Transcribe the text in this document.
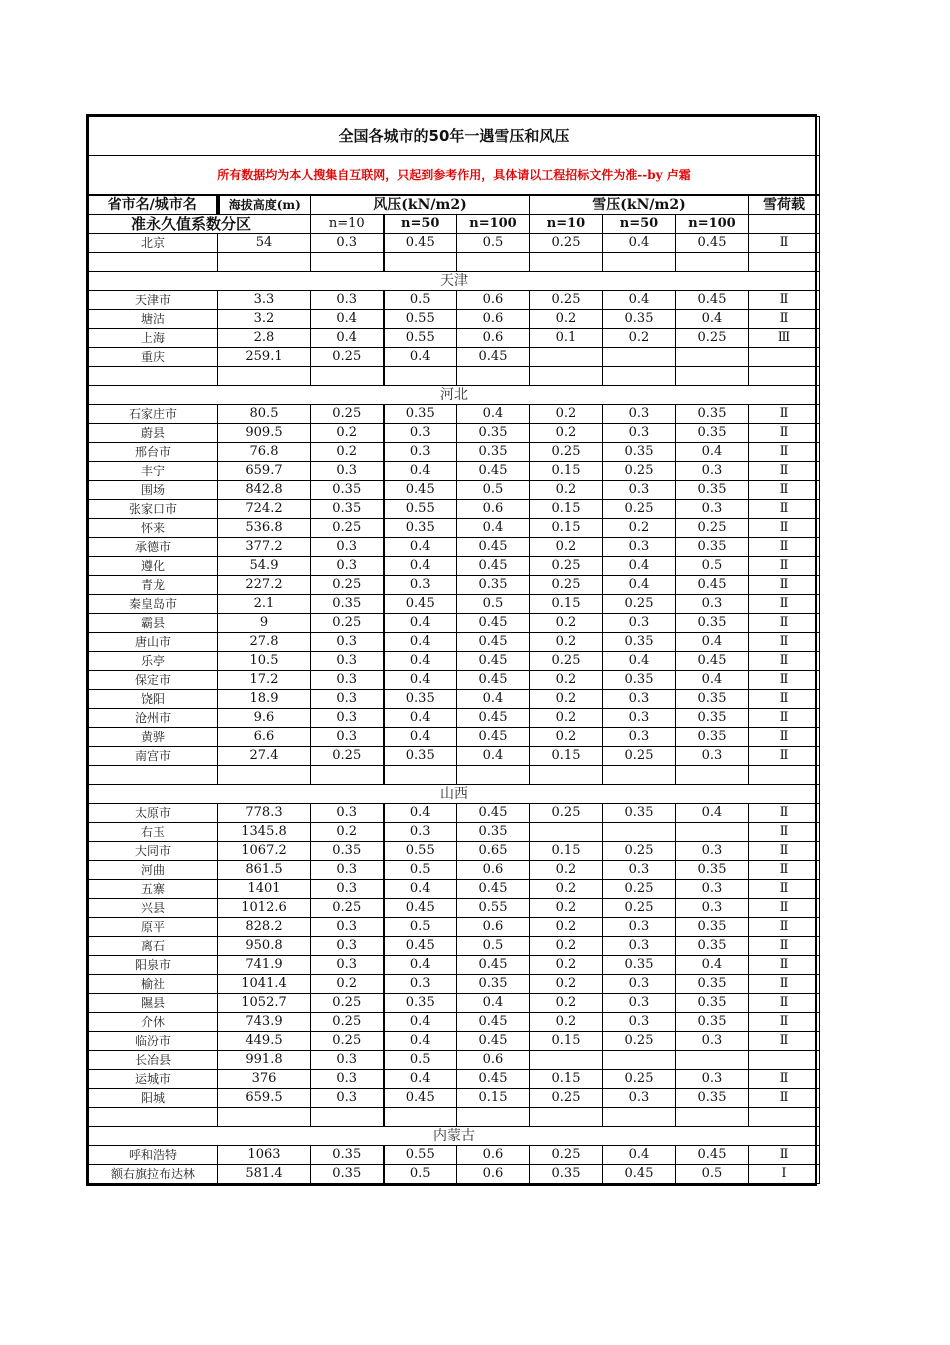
全国各城市的50年一遇雪压和风压								
所有数据均为本人搜集自互联网，只起到参考作用，具体请以工程招标文件为准--by 卢霜								
省市名/城市名	海拔高度(m)	风压(kN/m2)			雪压(kN/m2)			雪荷载
准永久值系数分区		n=10	n=50	n=100	n=10	n=50	n=100	
北京	54	0.3	0.45	0.5	0.25	0.4	0.45	Ⅱ

天津								
天津市	3.3	0.3	0.5	0.6	0.25	0.4	0.45	Ⅱ
塘沽	3.2	0.4	0.55	0.6	0.2	0.35	0.4	Ⅱ
上海	2.8	0.4	0.55	0.6	0.1	0.2	0.25	Ⅲ
重庆	259.1	0.25	0.4	0.45				

河北								
石家庄市	80.5	0.25	0.35	0.4	0.2	0.3	0.35	Ⅱ
蔚县	909.5	0.2	0.3	0.35	0.2	0.3	0.35	Ⅱ
邢台市	76.8	0.2	0.3	0.35	0.25	0.35	0.4	Ⅱ
丰宁	659.7	0.3	0.4	0.45	0.15	0.25	0.3	Ⅱ
围场	842.8	0.35	0.45	0.5	0.2	0.3	0.35	Ⅱ
张家口市	724.2	0.35	0.55	0.6	0.15	0.25	0.3	Ⅱ
怀来	536.8	0.25	0.35	0.4	0.15	0.2	0.25	Ⅱ
承德市	377.2	0.3	0.4	0.45	0.2	0.3	0.35	Ⅱ
遵化	54.9	0.3	0.4	0.45	0.25	0.4	0.5	Ⅱ
青龙	227.2	0.25	0.3	0.35	0.25	0.4	0.45	Ⅱ
秦皇岛市	2.1	0.35	0.45	0.5	0.15	0.25	0.3	Ⅱ
霸县	9	0.25	0.4	0.45	0.2	0.3	0.35	Ⅱ
唐山市	27.8	0.3	0.4	0.45	0.2	0.35	0.4	Ⅱ
乐亭	10.5	0.3	0.4	0.45	0.25	0.4	0.45	Ⅱ
保定市	17.2	0.3	0.4	0.45	0.2	0.35	0.4	Ⅱ
饶阳	18.9	0.3	0.35	0.4	0.2	0.3	0.35	Ⅱ
沧州市	9.6	0.3	0.4	0.45	0.2	0.3	0.35	Ⅱ
黄骅	6.6	0.3	0.4	0.45	0.2	0.3	0.35	Ⅱ
南宫市	27.4	0.25	0.35	0.4	0.15	0.25	0.3	Ⅱ

山西								
太原市	778.3	0.3	0.4	0.45	0.25	0.35	0.4	Ⅱ
右玉	1345.8	0.2	0.3	0.35				Ⅱ
大同市	1067.2	0.35	0.55	0.65	0.15	0.25	0.3	Ⅱ
河曲	861.5	0.3	0.5	0.6	0.2	0.3	0.35	Ⅱ
五寨	1401	0.3	0.4	0.45	0.2	0.25	0.3	Ⅱ
兴县	1012.6	0.25	0.45	0.55	0.2	0.25	0.3	Ⅱ
原平	828.2	0.3	0.5	0.6	0.2	0.3	0.35	Ⅱ
离石	950.8	0.3	0.45	0.5	0.2	0.3	0.35	Ⅱ
阳泉市	741.9	0.3	0.4	0.45	0.2	0.35	0.4	Ⅱ
榆社	1041.4	0.2	0.3	0.35	0.2	0.3	0.35	Ⅱ
隰县	1052.7	0.25	0.35	0.4	0.2	0.3	0.35	Ⅱ
介休	743.9	0.25	0.4	0.45	0.2	0.3	0.35	Ⅱ
临汾市	449.5	0.25	0.4	0.45	0.15	0.25	0.3	Ⅱ
长冶县	991.8	0.3	0.5	0.6				
运城市	376	0.3	0.4	0.45	0.15	0.25	0.3	Ⅱ
阳城	659.5	0.3	0.45	0.15	0.25	0.3	0.35	Ⅱ

内蒙古								
呼和浩特	1063	0.35	0.55	0.6	0.25	0.4	0.45	Ⅱ
额右旗拉布达林	581.4	0.35	0.5	0.6	0.35	0.45	0.5	Ⅰ
